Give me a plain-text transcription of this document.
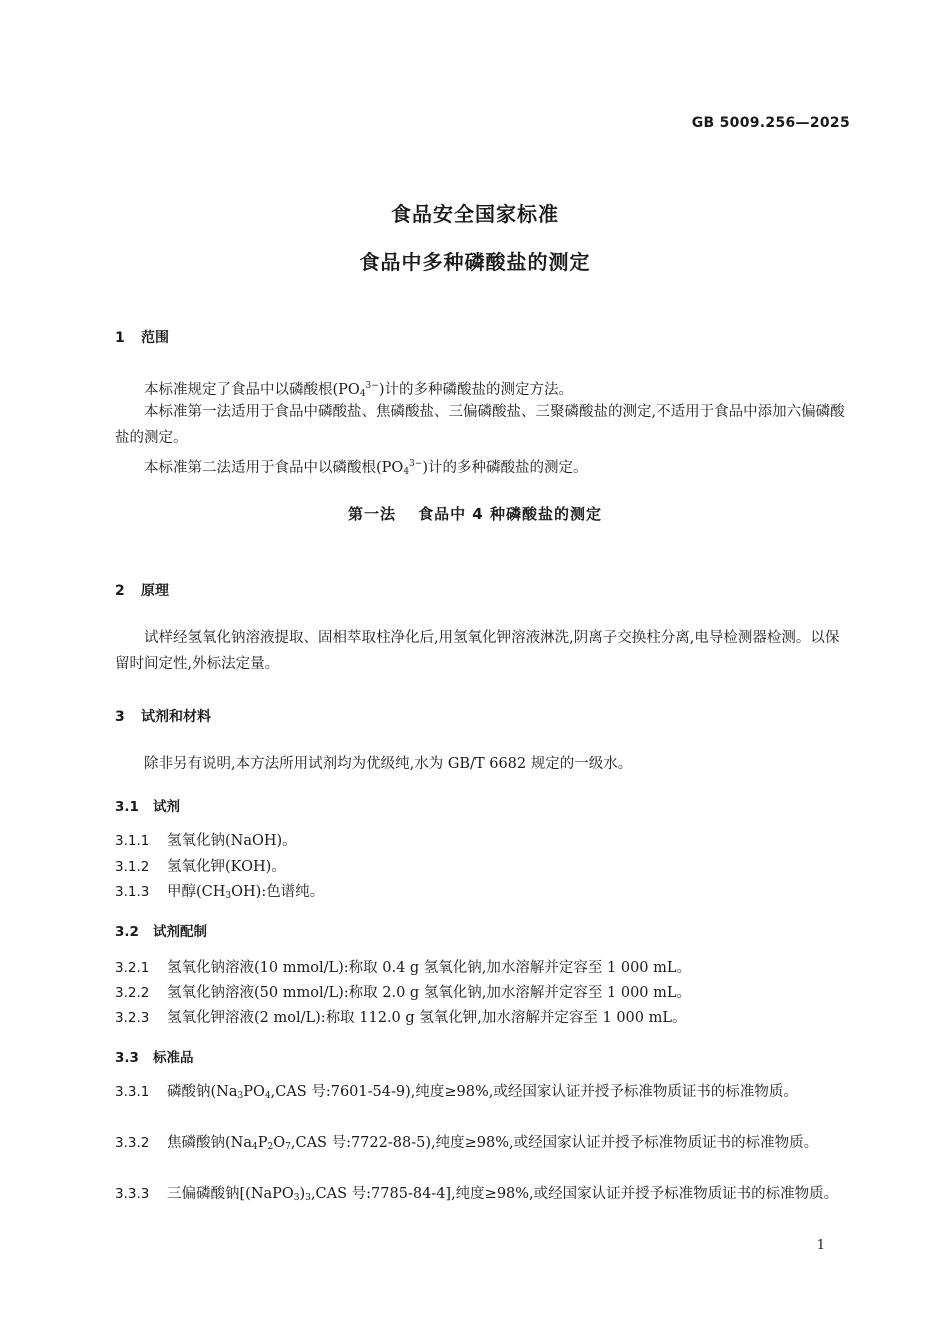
GB 5009.256—2025
食品安全国家标准
食品中多种磷酸盐的测定
1 范围
本标准规定了食品中以磷酸根$(PO_4^{3-})$计的多种磷酸盐的测定方法。
本标准第一法适用于食品中磷酸盐、焦磷酸盐、三偏磷酸盐、三聚磷酸盐的测定,不适用于食品中添加六偏磷酸盐的测定。
本标准第二法适用于食品中以磷酸根$(PO_4^{3-})$计的多种磷酸盐的测定。
第一法 食品中 4 种磷酸盐的测定
2 原理
试样经氢氧化钠溶液提取、固相萃取柱净化后,用氢氧化钾溶液淋洗,阴离子交换柱分离,电导检测器检测。以保留时间定性,外标法定量。
3 试剂和材料
除非另有说明,本方法所用试剂均为优级纯,水为 GB/T 6682 规定的一级水。
3.1 试剂
3.1.1 氢氧化钠(NaOH)。
3.1.2 氢氧化钾(KOH)。
3.1.3 甲醇$(CH_3OH)$:色谱纯。
3.2 试剂配制
3.2.1 氢氧化钠溶液(10 mmol/L):称取 0.4 g 氢氧化钠,加水溶解并定容至 1 000 mL。
3.2.2 氢氧化钠溶液(50 mmol/L):称取 2.0 g 氢氧化钠,加水溶解并定容至 1 000 mL。
3.2.3 氢氧化钾溶液(2 mol/L):称取 112.0 g 氢氧化钾,加水溶解并定容至 1 000 mL。
3.3 标准品
3.3.1 磷酸钠($Na_3PO_4,CAS$ 号:7601-54-9),纯度≥98%,或经国家认证并授予标准物质证书的标准物质。
3.3.2 焦磷酸钠($Na_4P_2O_7,CAS$ 号:7722-88-5),纯度≥98%,或经国家认证并授予标准物质证书的标准物质。
3.3.3 三偏磷酸钠[$(NaPO_3)_3,CAS$ 号:7785-84-4],纯度≥98%,或经国家认证并授予标准物质证书的标准物质。
1
